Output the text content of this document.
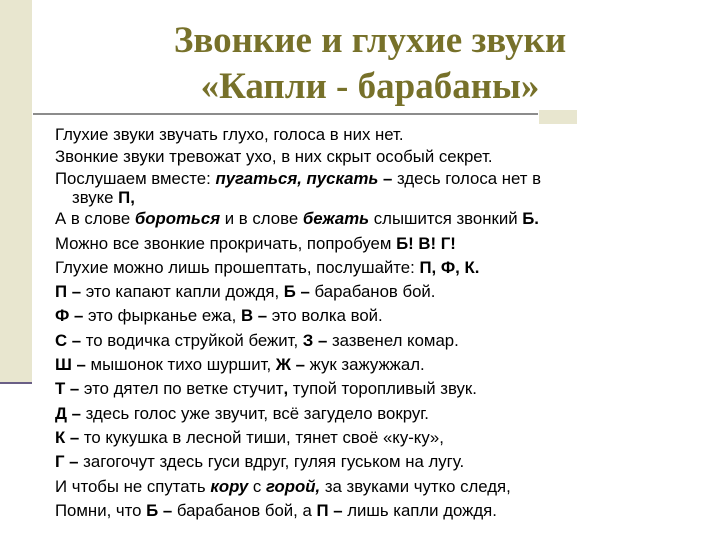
Звонкие и глухие звуки
«Капли - барабаны»
Глухие звуки звучать глухо, голоса в них нет.
Звонкие звуки тревожат ухо, в них скрыт особый секрет.
Послушаем вместе: пугаться, пускать – здесь голоса нет в
звуке П,
А в слове бороться и в слове бежать слышится звонкий Б.
Можно все звонкие прокричать, попробуем Б! В! Г!
Глухие можно лишь прошептать, послушайте: П, Ф, К.
П – это капают капли дождя, Б – барабанов бой.
Ф – это фырканье ежа, В – это волка вой.
С – то водичка струйкой бежит, З – зазвенел комар.
Ш – мышонок тихо шуршит, Ж – жук зажужжал.
Т – это дятел по ветке стучит, тупой торопливый звук.
Д – здесь голос уже звучит, всё загудело вокруг.
К – то кукушка в лесной тиши, тянет своё «ку-ку»,
Г – загогочут здесь гуси вдруг, гуляя гуськом на лугу.
И чтобы не спутать кору с горой, за звуками чутко следя,
Помни, что Б – барабанов бой, а П – лишь капли дождя.
